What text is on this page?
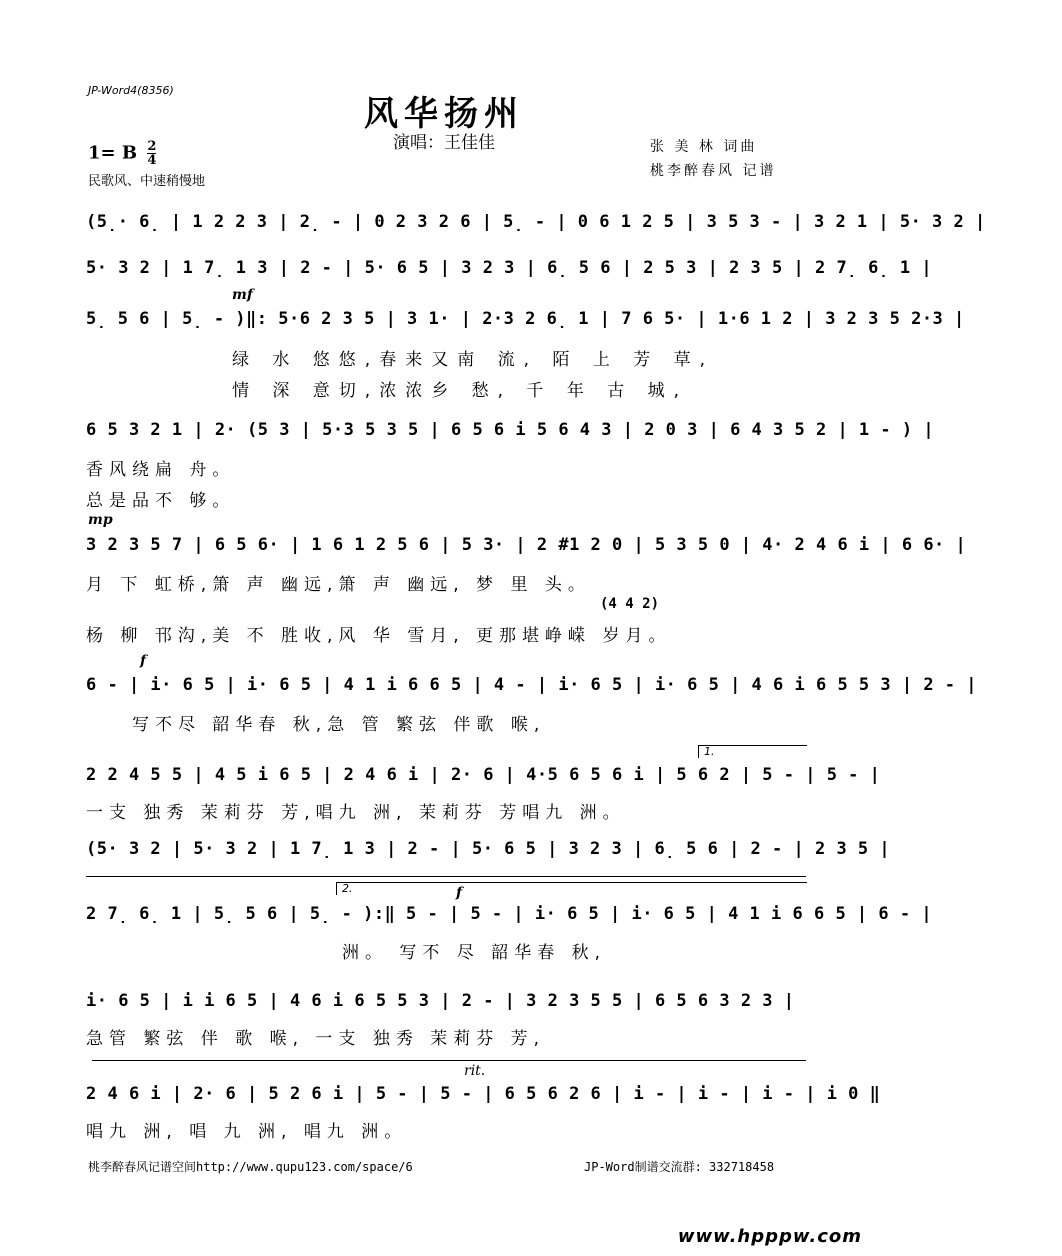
JP-Word4(8356)
风华扬州
演唱：王佳佳
1= B $\frac{2}{4}$
民歌风、中速稍慢地
张 美 林 词曲
桃李醉春风 记谱
mf
mp
f
f
rit.
1.
2.
(5̣· 6̣ | 1 2 2 3 | 2̣ - | 0 2 3 2 6 | 5̣ - | 0 6 1 2 5 | 3 5 3 - | 3 2 1 | 5· 3 2 |
5· 3 2 | 1 7̣ 1 3 | 2 - | 5· 6 5 | 3 2 3 | 6̣ 5 6 | 2 5 3 | 2 3 5 | 2 7̣ 6̣ 1 |
5̣ 5 6 | 5̣ - )‖: 5·6 2 3 5 | 3 1· | 2·3 2 6̣ 1 | 7 6 5· | 1·6 1 2 | 3 2 3 5 2·3 |
绿 水 悠悠,春来又南 流, 陌 上 芳 草,
情 深 意切,浓浓乡 愁, 千 年 古 城,
6 5 3 2 1 | 2· (5 3 | 5·3 5 3 5 | 6 5 6 i 5 6 4 3 | 2 0 3 | 6 4 3 5 2 | 1 - ) |
香风绕扁 舟。
总是品不 够。
3 2 3 5 7 | 6 5 6· | 1 6 1 2 5 6 | 5 3· | 2 #1 2 0 | 5 3 5 0 | 4· 2 4 6 i | 6 6· |
月 下 虹桥,箫 声 幽远,箫 声 幽远, 梦 里 头。
(4 4 2)
杨 柳 邗沟,美 不 胜收,风 华 雪月, 更那堪峥嵘 岁月。
6 - | i· 6 5 | i· 6 5 | 4 1 i 6 6 5 | 4 - | i· 6 5 | i· 6 5 | 4 6 i 6 5 5 3 | 2 - |
写不尽 韶华春 秋,急 管 繁弦 伴歌 喉,
2 2 4 5 5 | 4 5 i 6 5 | 2 4 6 i | 2· 6 | 4·5 6 5 6 i | 5 6 2 | 5 - | 5 - |
一支 独秀 茉莉芬 芳,唱九 洲, 茉莉芬 芳唱九 洲。
(5· 3 2 | 5· 3 2 | 1 7̣ 1 3 | 2 - | 5· 6 5 | 3 2 3 | 6̣ 5 6 | 2 - | 2 3 5 |
2 7̣ 6̣ 1 | 5̣ 5 6 | 5̣ - ):‖ 5 - | 5 - | i· 6 5 | i· 6 5 | 4 1 i 6 6 5 | 6 - |
洲。 写不 尽 韶华春 秋,
i· 6 5 | i i 6 5 | 4 6 i 6 5 5 3 | 2 - | 3 2 3 5 5 | 6 5 6 3 2 3 |
急管 繁弦 伴 歌 喉, 一支 独秀 茉莉芬 芳,
2 4 6 i | 2· 6 | 5 2 6 i | 5 - | 5 - | 6 5 6 2 6 | i - | i - | i - | i 0 ‖
唱九 洲, 唱 九 洲, 唱九 洲。
桃李醉春风记谱空间http://www.qupu123.com/space/6	JP-Word制谱交流群: 332718458
www.hpppw.com
